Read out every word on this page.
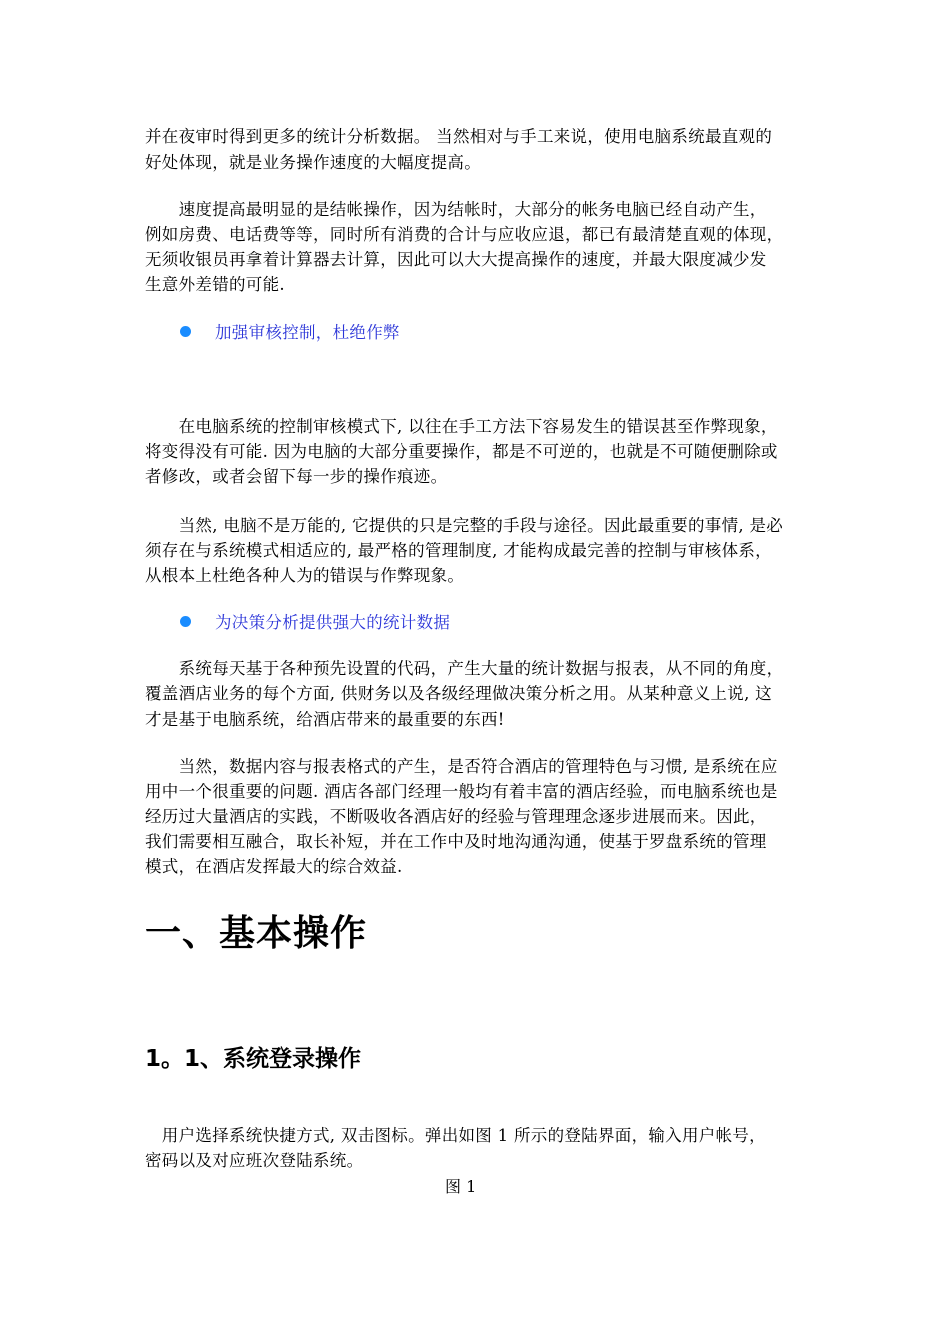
并在夜审时得到更多的统计分析数据。 当然相对与手工来说，使用电脑系统最直观的
好处体现，就是业务操作速度的大幅度提高。
　　速度提高最明显的是结帐操作，因为结帐时，大部分的帐务电脑已经自动产生，
例如房费、电话费等等，同时所有消费的合计与应收应退，都已有最清楚直观的体现，
无须收银员再拿着计算器去计算，因此可以大大提高操作的速度，并最大限度减少发
生意外差错的可能.
加强审核控制，杜绝作弊
　　在电脑系统的控制审核模式下, 以往在手工方法下容易发生的错误甚至作弊现象，
将变得没有可能. 因为电脑的大部分重要操作，都是不可逆的，也就是不可随便删除或
者修改，或者会留下每一步的操作痕迹。
　　当然, 电脑不是万能的, 它提供的只是完整的手段与途径。因此最重要的事情, 是必
须存在与系统模式相适应的, 最严格的管理制度, 才能构成最完善的控制与审核体系，
从根本上杜绝各种人为的错误与作弊现象。
为决策分析提供强大的统计数据
　　系统每天基于各种预先设置的代码，产生大量的统计数据与报表，从不同的角度，
覆盖酒店业务的每个方面, 供财务以及各级经理做决策分析之用。从某种意义上说, 这
才是基于电脑系统，给酒店带来的最重要的东西!
　　当然，数据内容与报表格式的产生，是否符合酒店的管理特色与习惯, 是系统在应
用中一个很重要的问题. 酒店各部门经理一般均有着丰富的酒店经验，而电脑系统也是
经历过大量酒店的实践，不断吸收各酒店好的经验与管理理念逐步进展而来。因此，
我们需要相互融合，取长补短，并在工作中及时地沟通沟通，使基于罗盘系统的管理
模式，在酒店发挥最大的综合效益.
一、基本操作
1。1、系统登录操作
　用户选择系统快捷方式, 双击图标。弹出如图 1 所示的登陆界面，输入用户帐号，
密码以及对应班次登陆系统。
图 1
